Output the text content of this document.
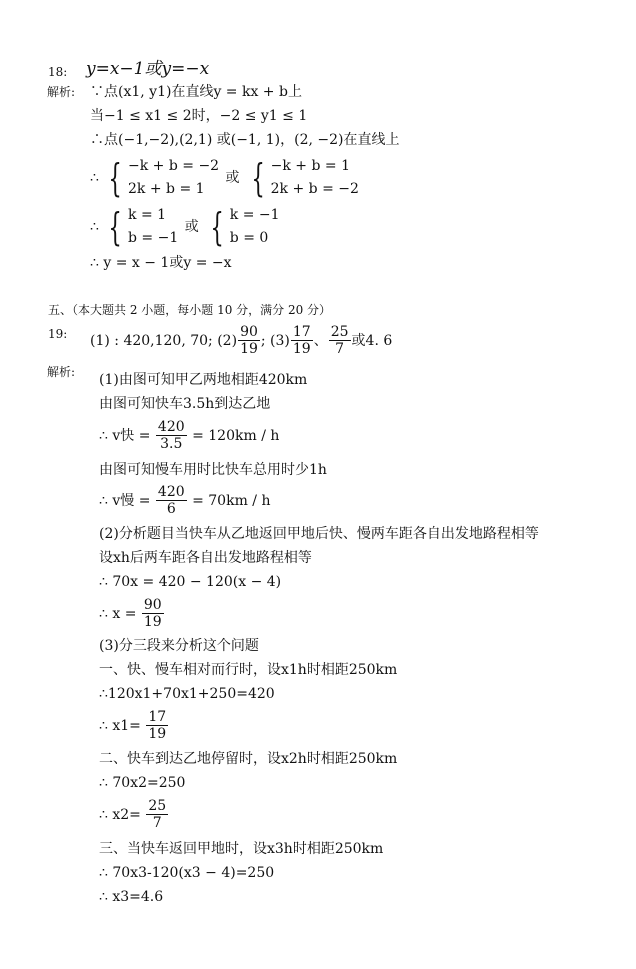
18: y=x−1或y=−x
解析: ∵点(x1, y1)在直线y = kx + b上
当−1 ≤ x1 ≤ 2时，−2 ≤ y1 ≤ 1
∴点(−1,−2),(2,1) 或(−1, 1)，(2, −2)在直线上
∴ { −k + b = −2
2k + b = 1
或 { −k + b = 1
2k + b = −2
∴ { k = 1
b = −1
或 { k = −1
b = 0
∴ y = x − 1或y = −x
五、（本大题共 2 小题，每小题 10 分，满分 20 分）
19: (1) : 420,120, 70; $(2) \frac{90}{19}$ ; $(3) \frac{17}{19}$ 、 $\frac{25}{7}$ 或4. 6
解析: (1)由图可知甲乙两地相距420km
由图可知快车3.5h到达乙地
∴ v快 = $\frac{420}{3.5} = 120km / h$
由图可知慢车用时比快车总用时少1h
∴ v慢 = $\frac{420}{6} = 70km / h$
(2)分析题目当快车从乙地返回甲地后快、慢两车距各自出发地路程相等
设xh后两车距各自出发地路程相等
∴ 70x = 420 − 120(x − 4)
∴ $x = \frac{90}{19}$
(3)分三段来分析这个问题
一、快、慢车相对而行时，设x1h时相距250km
∴120x1+70x1+250=420
∴ $x1= \frac{17}{19}$
二、快车到达乙地停留时，设x2h时相距250km
∴ 70x2=250
∴ $x2= \frac{25}{7}$
三、当快车返回甲地时，设x3h时相距250km
∴ 70x3-120(x3 − 4)=250
∴ x3=4.6
